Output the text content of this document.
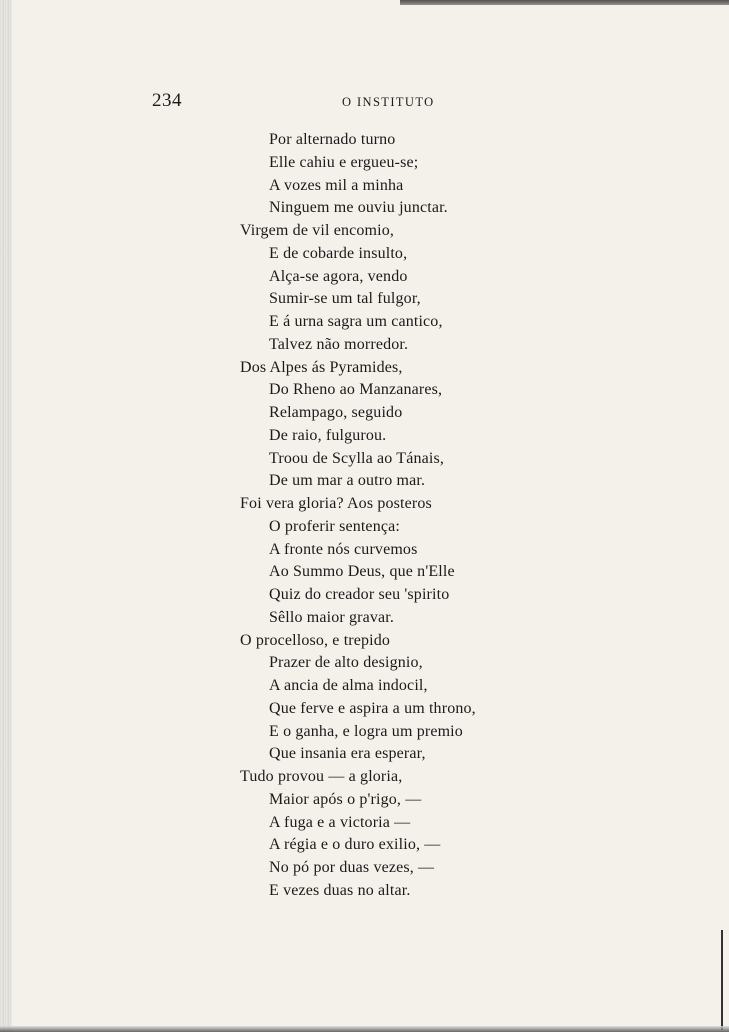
234	O INSTITUTO
Por alternado turno
Elle cahiu e ergueu-se;
A vozes mil a minha
Ninguem me ouviu junctar.
Virgem de vil encomio,
E de cobarde insulto,
Alça-se agora, vendo
Sumir-se um tal fulgor,
E á urna sagra um cantico,
Talvez não morredor.
Dos Alpes ás Pyramides,
Do Rheno ao Manzanares,
Relampago, seguido
De raio, fulgurou.
Troou de Scylla ao Tánais,
De um mar a outro mar.
Foi vera gloria? Aos posteros
O proferir sentença:
A fronte nós curvemos
Ao Summo Deus, que n'Elle
Quiz do creador seu 'spirito
Sêllo maior gravar.
O procelloso, e trepido
Prazer de alto designio,
A ancia de alma indocil,
Que ferve e aspira a um throno,
E o ganha, e logra um premio
Que insania era esperar,
Tudo provou — a gloria,
Maior após o p'rigo, —
A fuga e a victoria —
A régia e o duro exilio, —
No pó por duas vezes, —
E vezes duas no altar.
